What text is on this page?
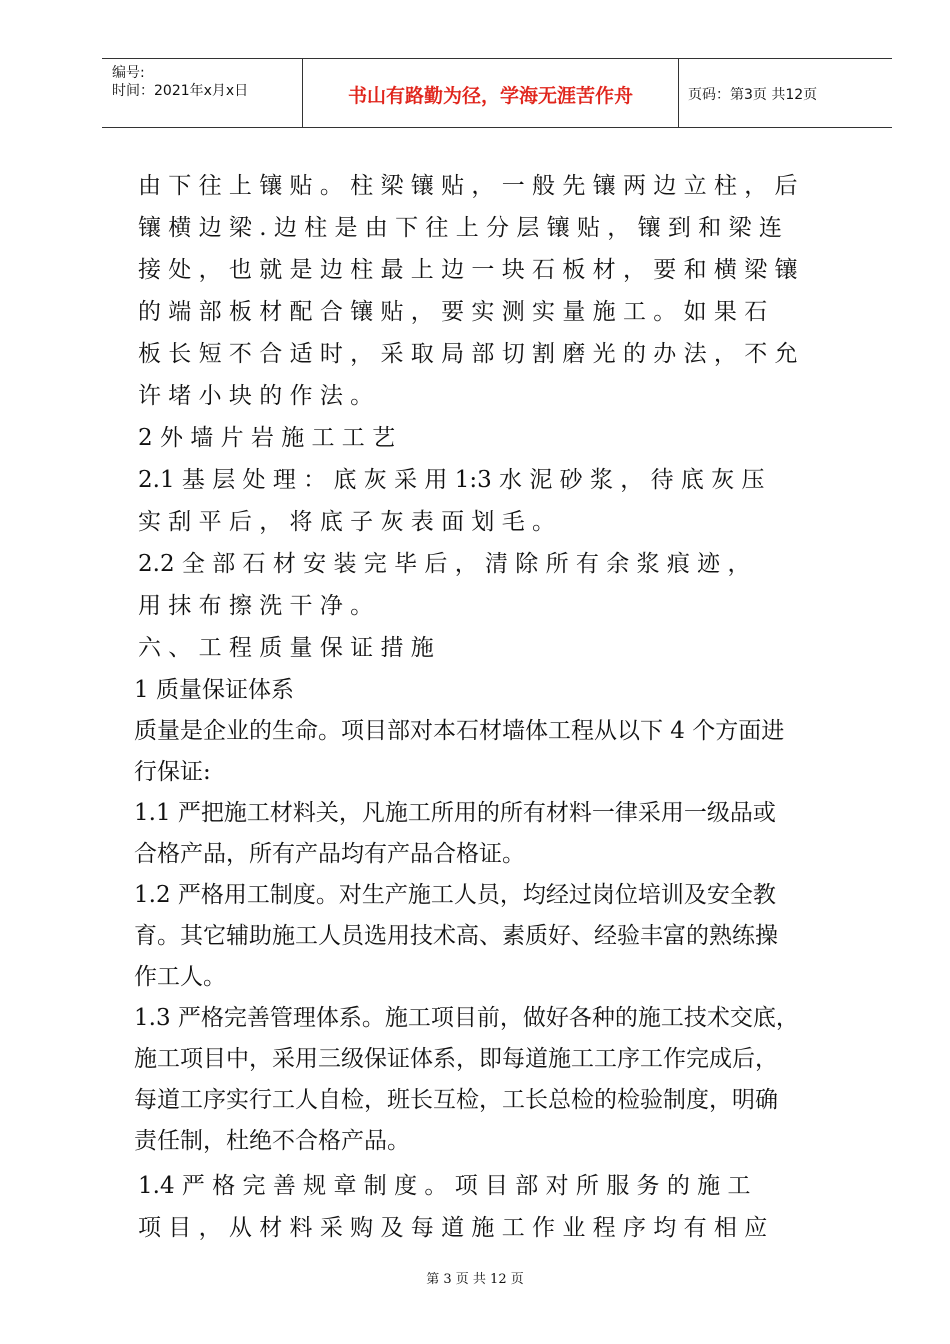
编号:
时间：2021年x月x日	书山有路勤为径，学海无涯苦作舟	页码：第3页 共12页
由 下 往 上 镶 贴 。 柱 梁 镶 贴 ， 一 般 先 镶 两 边 立 柱 ， 后
镶 横 边 梁 . 边 柱 是 由 下 往 上 分 层 镶 贴 ， 镶 到 和 梁 连
接 处 ， 也 就 是 边 柱 最 上 边 一 块 石 板 材 ， 要 和 横 梁 镶
的 端 部 板 材 配 合 镶 贴 ， 要 实 测 实 量 施 工 。 如 果 石
板 长 短 不 合 适 时 ， 采 取 局 部 切 割 磨 光 的 办 法 ， 不 允
许 堵 小 块 的 作 法 。
2 外 墙 片 岩 施 工 工 艺
2.1 基 层 处 理 ： 底 灰 采 用 1:3 水 泥 砂 浆 ， 待 底 灰 压
实 刮 平 后 ， 将 底 子 灰 表 面 划 毛 。
2.2 全 部 石 材 安 装 完 毕 后 ， 清 除 所 有 余 浆 痕 迹 ，
用 抹 布 擦 洗 干 净 。
六 、 工 程 质 量 保 证 措 施
1 质量保证体系
质量是企业的生命。项目部对本石材墙体工程从以下 4 个方面进
行保证:
1.1 严把施工材料关，凡施工所用的所有材料一律采用一级品或
合格产品，所有产品均有产品合格证。
1.2 严格用工制度。对生产施工人员，均经过岗位培训及安全教
育。其它辅助施工人员选用技术高、素质好、经验丰富的熟练操
作工人。
1.3 严格完善管理体系。施工项目前，做好各种的施工技术交底，
施工项目中，采用三级保证体系，即每道施工工序工作完成后，
每道工序实行工人自检，班长互检，工长总检的检验制度，明确
责任制，杜绝不合格产品。
1.4 严 格 完 善 规 章 制 度 。 项 目 部 对 所 服 务 的 施 工
项 目 ， 从 材 料 采 购 及 每 道 施 工 作 业 程 序 均 有 相 应
第 3 页 共 12 页
